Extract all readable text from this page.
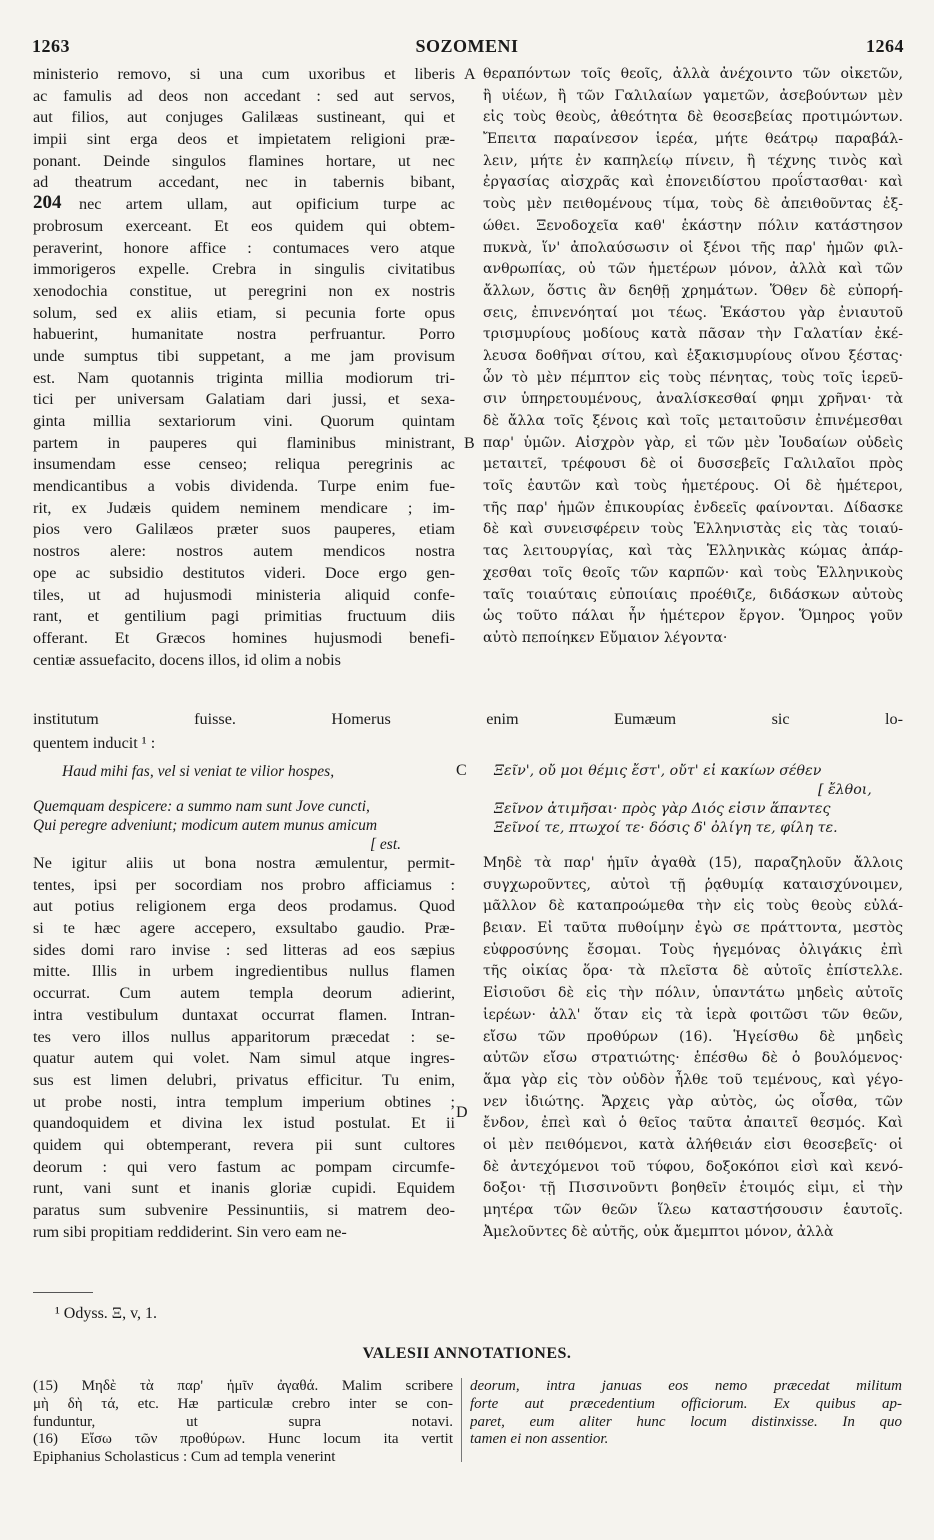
1263	SOZOMENI	1264
ministerio removo, si una cum uxoribus et liberis
ac famulis ad deos non accedant : sed aut servos,
aut filios, aut conjuges Galilæas sustineant, qui et
impii sint erga deos et impietatem religioni præ-
ponant. Deinde singulos flamines hortare, ut nec
ad theatrum accedant, nec in tabernis bibant,
nec artem ullam, aut opificium turpe ac
probrosum exerceant. Et eos quidem qui obtem-
peraverint, honore affice : contumaces vero atque
immorigeros expelle. Crebra in singulis civitatibus
xenodochia constitue, ut peregrini non ex nostris
solum, sed ex aliis etiam, si pecunia forte opus
habuerint, humanitate nostra perfruantur. Porro
unde sumptus tibi suppetant, a me jam provisum
est. Nam quotannis triginta millia modiorum tri-
tici per universam Galatiam dari jussi, et sexa-
ginta millia sextariorum vini. Quorum quintam
partem in pauperes qui flaminibus ministrant,
insumendam esse censeo; reliqua peregrinis ac
mendicantibus a vobis dividenda. Turpe enim fue-
rit, ex Judæis quidem neminem mendicare ; im-
pios vero Galilæos præter suos pauperes, etiam
nostros alere: nostros autem mendicos nostra
ope ac subsidio destitutos videri. Doce ergo gen-
tiles, ut ad hujusmodi ministeria aliquid confe-
rant, et gentilium pagi primitias fructuum diis
offerant. Et Græcos homines hujusmodi benefi-
centiæ assuefacito, docens illos, id olim a nobis
θεραπόντων τοῖς θεοῖς, ἀλλὰ ἀνέχοιντο τῶν οἰκετῶν,
ἢ υἱέων, ἢ τῶν Γαλιλαίων γαμετῶν, ἀσεβούντων μὲν
εἰς τοὺς θεοὺς, ἀθεότητα δὲ θεοσεβείας προτιμώντων.
Ἔπειτα παραίνεσον ἱερέα, μήτε θεάτρῳ παραβάλ-
λειν, μήτε ἐν καπηλείῳ πίνειν, ἢ τέχνης τινὸς καὶ
ἐργασίας αἰσχρᾶς καὶ ἐπονειδίστου προΐστασθαι· καὶ
τοὺς μὲν πειθομένους τίμα, τοὺς δὲ ἀπειθοῦντας ἐξ-
ώθει. Ξενοδοχεῖα καθ' ἑκάστην πόλιν κατάστησον
πυκνὰ, ἵν' ἀπολαύσωσιν οἱ ξένοι τῆς παρ' ἡμῶν φιλ-
ανθρωπίας, οὐ τῶν ἡμετέρων μόνον, ἀλλὰ καὶ τῶν
ἄλλων, ὅστις ἂν δεηθῇ χρημάτων. Ὅθεν δὲ εὐπορή-
σεις, ἐπινενόηταί μοι τέως. Ἑκάστου γὰρ ἐνιαυτοῦ
τρισμυρίους μοδίους κατὰ πᾶσαν τὴν Γαλατίαν ἐκέ-
λευσα δοθῆναι σίτου, καὶ ἑξακισμυρίους οἴνου ξέστας·
ὧν τὸ μὲν πέμπτον εἰς τοὺς πένητας, τοὺς τοῖς ἱερεῦ-
σιν ὑπηρετουμένους, ἀναλίσκεσθαί φημι χρῆναι· τὰ
δὲ ἄλλα τοῖς ξένοις καὶ τοῖς μεταιτοῦσιν ἐπινέμεσθαι
παρ' ὑμῶν. Αἰσχρὸν γὰρ, εἰ τῶν μὲν Ἰουδαίων οὐδεὶς
μεταιτεῖ, τρέφουσι δὲ οἱ δυσσεβεῖς Γαλιλαῖοι πρὸς
τοῖς ἑαυτῶν καὶ τοὺς ἡμετέρους. Οἱ δὲ ἡμέτεροι,
τῆς παρ' ἡμῶν ἐπικουρίας ἐνδεεῖς φαίνονται. Δίδασκε
δὲ καὶ συνεισφέρειν τοὺς Ἑλληνιστὰς εἰς τὰς τοιαύ-
τας λειτουργίας, καὶ τὰς Ἑλληνικὰς κώμας ἀπάρ-
χεσθαι τοῖς θεοῖς τῶν καρπῶν· καὶ τοὺς Ἑλληνικοὺς
ταῖς τοιαύταις εὐποιίαις προέθιζε, διδάσκων αὐτοὺς
ὡς τοῦτο πάλαι ἦν ἡμέτερον ἔργον. Ὅμηρος γοῦν
αὐτὸ πεποίηκεν Εὔμαιον λέγοντα·
204
A
B
C
D
institutum fuisse. Homerus enim Eumæum sic lo-
quentem inducit ¹ :
Haud mihi fas, vel si veniat te vilior hospes,
Quemquam despicere: a summo nam sunt Jove cuncti,
Qui peregre adveniunt; modicum autem munus amicum
[ est.
Ξεῖν', οὔ μοι θέμις ἔστ', οὔτ' εἰ κακίων σέθεν
[ ἔλθοι,
Ξεῖνον ἀτιμῆσαι· πρὸς γὰρ Διός εἰσιν ἅπαντες
Ξεῖνοί τε, πτωχοί τε· δόσις δ' ὀλίγη τε, φίλη τε.
Ne igitur aliis ut bona nostra æmulentur, permit-
tentes, ipsi per socordiam nos probro afficiamus :
aut potius religionem erga deos prodamus. Quod
si te hæc agere accepero, exsultabo gaudio. Præ-
sides domi raro invise : sed litteras ad eos sæpius
mitte. Illis in urbem ingredientibus nullus flamen
occurrat. Cum autem templa deorum adierint,
intra vestibulum duntaxat occurrat flamen. Intran-
tes vero illos nullus apparitorum præcedat : se-
quatur autem qui volet. Nam simul atque ingres-
sus est limen delubri, privatus efficitur. Tu enim,
ut probe nosti, intra templum imperium obtines ;
quandoquidem et divina lex istud postulat. Et ii
quidem qui obtemperant, revera pii sunt cultores
deorum : qui vero fastum ac pompam circumfe-
runt, vani sunt et inanis gloriæ cupidi. Equidem
paratus sum subvenire Pessinuntiis, si matrem deo-
rum sibi propitiam reddiderint. Sin vero eam ne-
Μηδὲ τὰ παρ' ἡμῖν ἀγαθὰ (15), παραζηλοῦν ἄλλοις
συγχωροῦντες, αὐτοὶ τῇ ῥᾳθυμίᾳ καταισχύνοιμεν,
μᾶλλον δὲ καταπροώμεθα τὴν εἰς τοὺς θεοὺς εὐλά-
βειαν. Εἰ ταῦτα πυθοίμην ἐγὼ σε πράττοντα, μεστὸς
εὐφροσύνης ἔσομαι. Τοὺς ἡγεμόνας ὀλιγάκις ἐπὶ
τῆς οἰκίας ὅρα· τὰ πλεῖστα δὲ αὐτοῖς ἐπίστελλε.
Εἰσιοῦσι δὲ εἰς τὴν πόλιν, ὑπαντάτω μηδεὶς αὐτοῖς
ἱερέων· ἀλλ' ὅταν εἰς τὰ ἱερὰ φοιτῶσι τῶν θεῶν,
εἴσω τῶν προθύρων (16). Ἡγείσθω δὲ μηδεὶς
αὐτῶν εἴσω στρατιώτης· ἑπέσθω δὲ ὁ βουλόμενος·
ἅμα γὰρ εἰς τὸν οὐδὸν ἦλθε τοῦ τεμένους, καὶ γέγο-
νεν ἰδιώτης. Ἄρχεις γὰρ αὐτὸς, ὡς οἶσθα, τῶν
ἔνδον, ἐπεὶ καὶ ὁ θεῖος ταῦτα ἀπαιτεῖ θεσμός. Καὶ
οἱ μὲν πειθόμενοι, κατὰ ἀλήθειάν εἰσι θεοσεβεῖς· οἱ
δὲ ἀντεχόμενοι τοῦ τύφου, δοξοκόποι εἰσὶ καὶ κενό-
δοξοι· τῇ Πισσινοῦντι βοηθεῖν ἑτοιμός εἰμι, εἰ τὴν
μητέρα τῶν θεῶν ἵλεω καταστήσουσιν ἑαυτοῖς.
Ἀμελοῦντες δὲ αὐτῆς, οὐκ ἄμεμπτοι μόνον, ἀλλὰ
¹ Odyss. Ξ, v, 1.
VALESII ANNOTATIONES.
(15) Μηδὲ τὰ παρ' ἡμῖν ἀγαθά. Malim scribere
μὴ δὴ τά, etc. Hæ particulæ crebro inter se con-
funduntur, ut supra notavi.
(16) Εἴσω τῶν προθύρων. Hunc locum ita vertit
Epiphanius Scholasticus : Cum ad templa venerint
deorum, intra januas eos nemo præcedat militum
forte aut præcedentium officiorum. Ex quibus ap-
paret, eum aliter hunc locum distinxisse. In quo
tamen ei non assentior.
